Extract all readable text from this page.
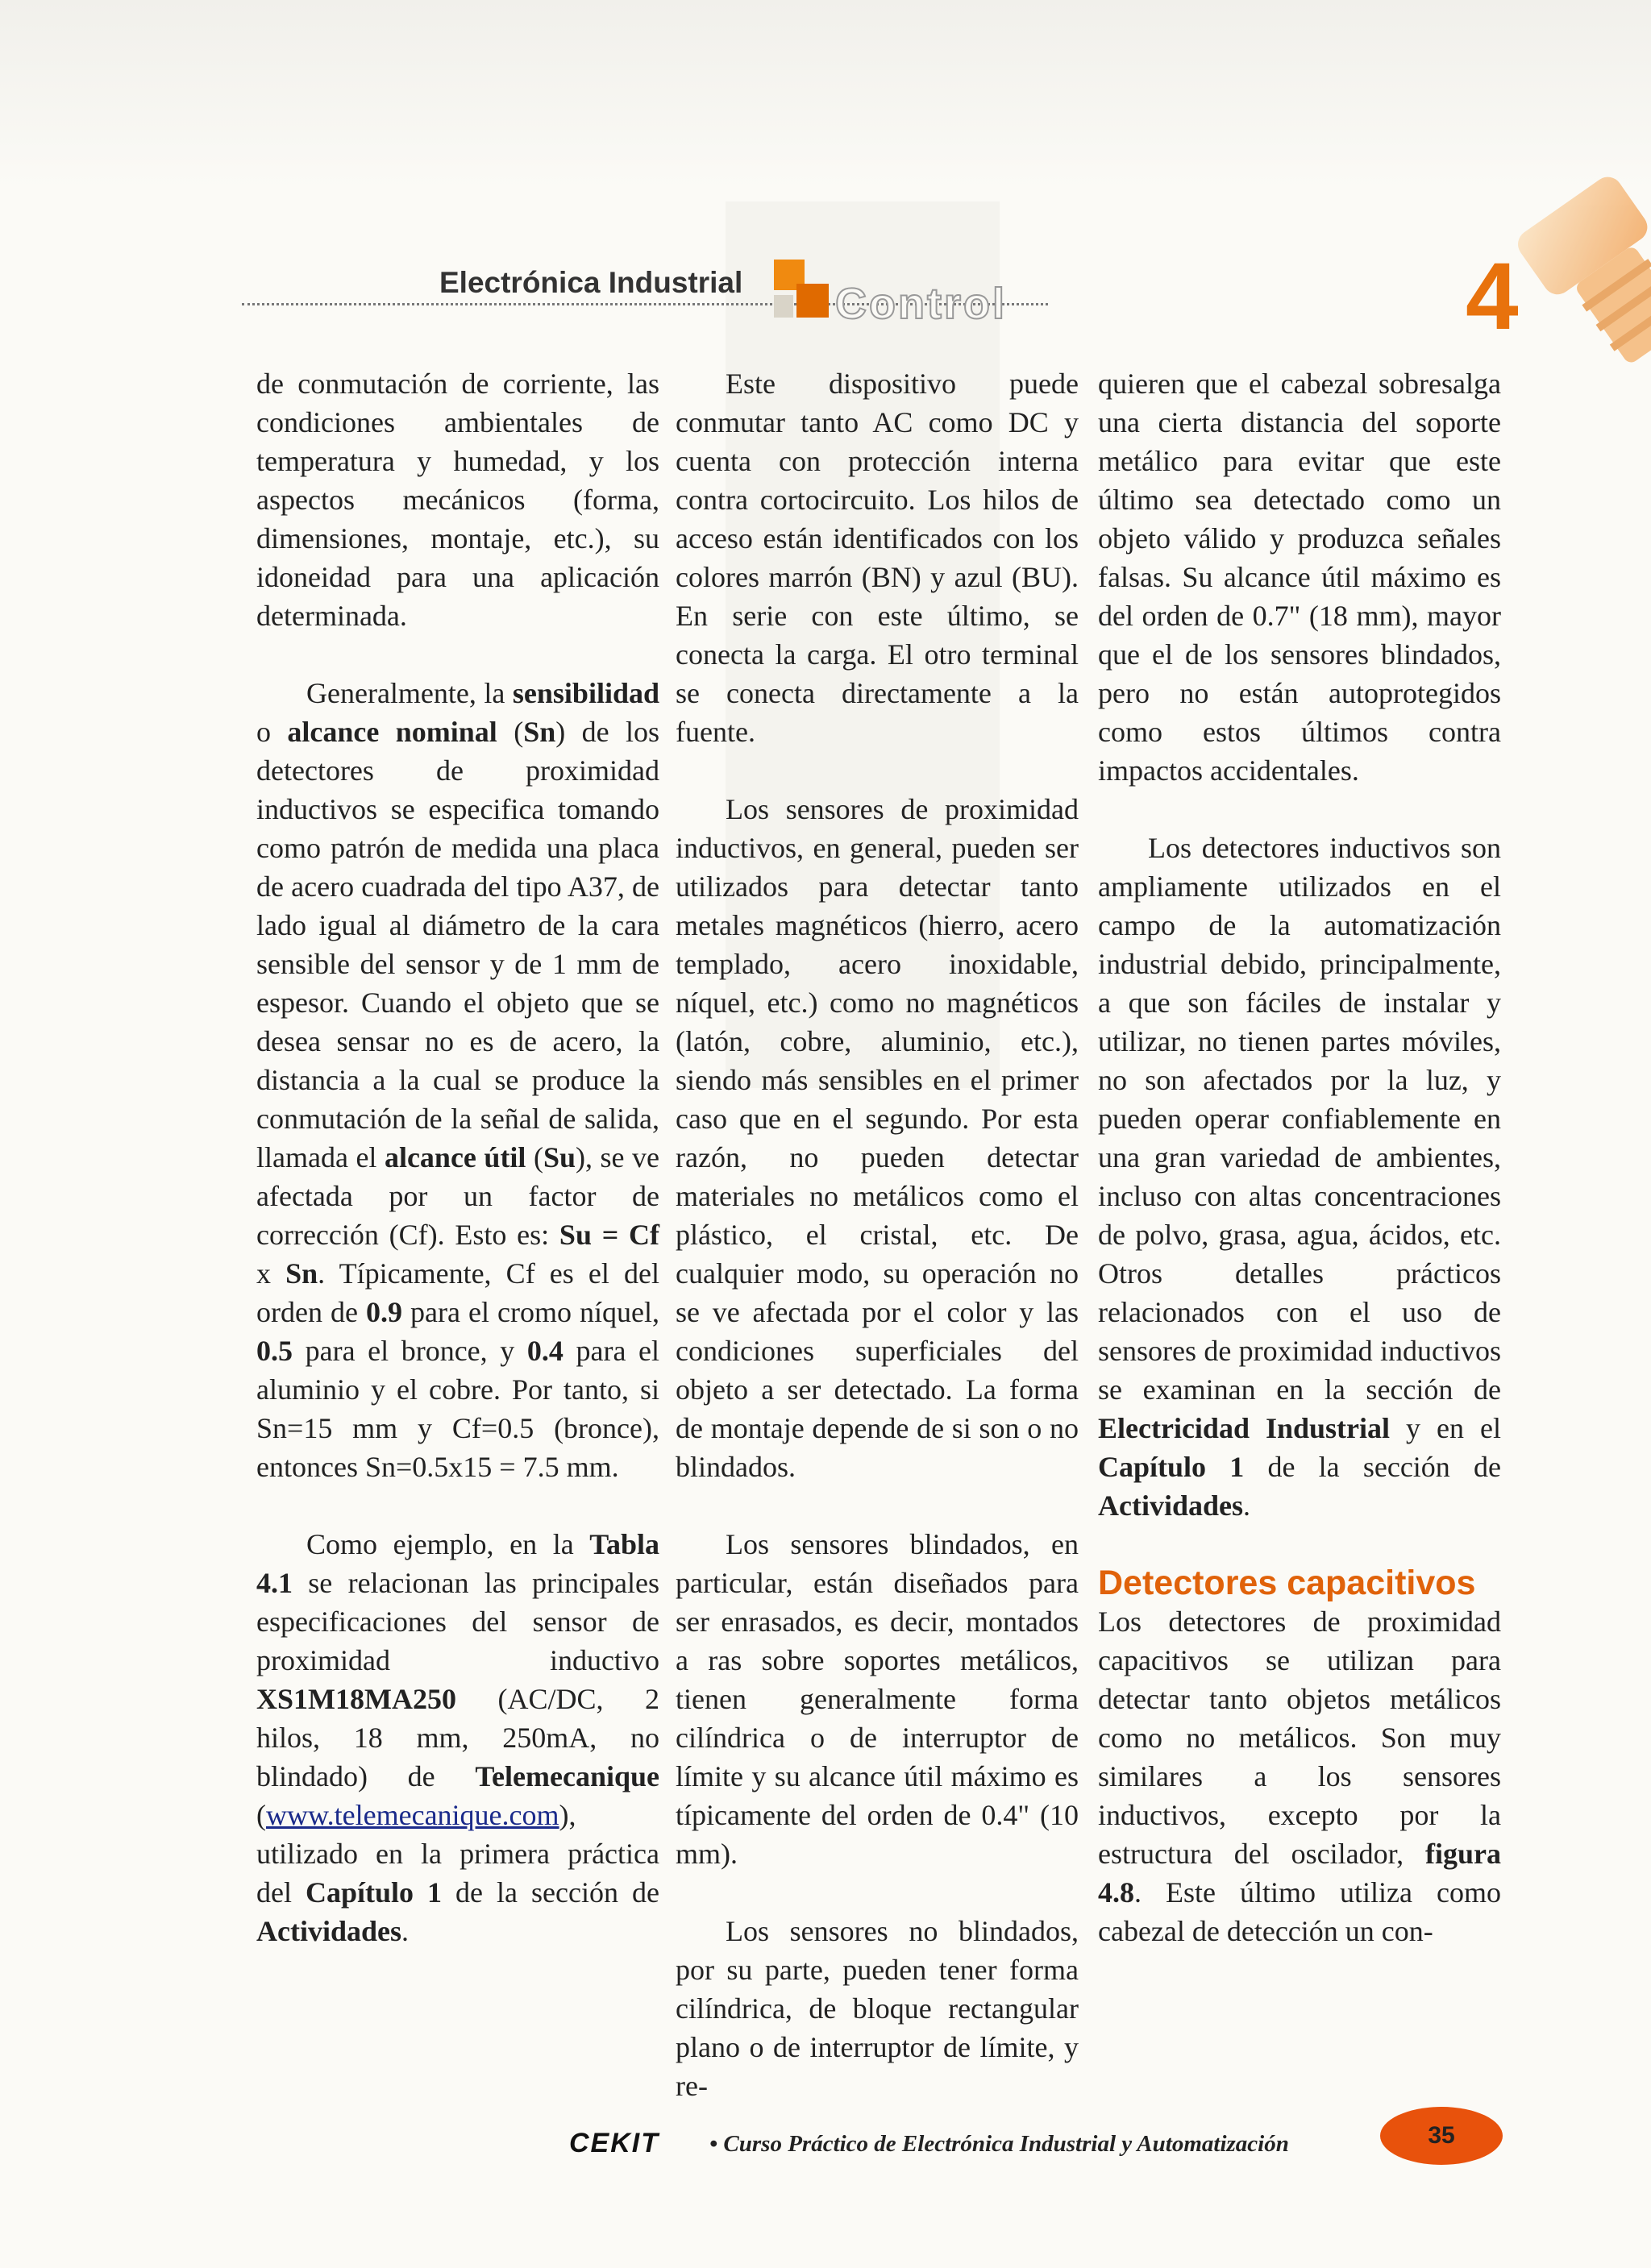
Electrónica Industrial Control	4

de conmutación de corriente, las condiciones ambientales de temperatura y humedad, y los aspectos mecánicos (forma, dimensiones, montaje, etc.), su idoneidad para una aplicación determinada.

Generalmente, la sensibilidad o alcance nominal (Sn) de los detectores de proximidad inductivos se especifica tomando como patrón de medida una placa de acero cuadrada del tipo A37, de lado igual al diámetro de la cara sensible del sensor y de 1 mm de espesor. Cuando el objeto que se desea sensar no es de acero, la distancia a la cual se produce la conmutación de la señal de salida, llamada el alcance útil (Su), se ve afectada por un factor de corrección (Cf). Esto es: Su = Cf x Sn. Típicamente, Cf es el del orden de 0.9 para el cromo níquel, 0.5 para el bronce, y 0.4 para el aluminio y el cobre. Por tanto, si Sn=15 mm y Cf=0.5 (bronce), entonces Sn=0.5x15 = 7.5 mm.

Como ejemplo, en la Tabla 4.1 se relacionan las principales especificaciones del sensor de proximidad inductivo XS1M18MA250 (AC/DC, 2 hilos, 18 mm, 250mA, no blindado) de Telemecanique (www.telemecanique.com), utilizado en la primera práctica del Capítulo 1 de la sección de Actividades.

Este dispositivo puede conmutar tanto AC como DC y cuenta con protección interna contra cortocircuito. Los hilos de acceso están identificados con los colores marrón (BN) y azul (BU). En serie con este último, se conecta la carga. El otro terminal se conecta directamente a la fuente.

Los sensores de proximidad inductivos, en general, pueden ser utilizados para detectar tanto metales magnéticos (hierro, acero templado, acero inoxidable, níquel, etc.) como no magnéticos (latón, cobre, aluminio, etc.), siendo más sensibles en el primer caso que en el segundo. Por esta razón, no pueden detectar materiales no metálicos como el plástico, el cristal, etc. De cualquier modo, su operación no se ve afectada por el color y las condiciones superficiales del objeto a ser detectado. La forma de montaje depende de si son o no blindados.

Los sensores blindados, en particular, están diseñados para ser enrasados, es decir, montados a ras sobre soportes metálicos, tienen generalmente forma cilíndrica o de interruptor de límite y su alcance útil máximo es típicamente del orden de 0.4" (10 mm).

Los sensores no blindados, por su parte, pueden tener forma cilíndrica, de bloque rectangular plano o de interruptor de límite, y re-

quieren que el cabezal sobresalga una cierta distancia del soporte metálico para evitar que este último sea detectado como un objeto válido y produzca señales falsas. Su alcance útil máximo es del orden de 0.7" (18 mm), mayor que el de los sensores blindados, pero no están autoprotegidos como estos últimos contra impactos accidentales.

Los detectores inductivos son ampliamente utilizados en el campo de la automatización industrial debido, principalmente, a que son fáciles de instalar y utilizar, no tienen partes móviles, no son afectados por la luz, y pueden operar confiablemente en una gran variedad de ambientes, incluso con altas concentraciones de polvo, grasa, agua, ácidos, etc. Otros detalles prácticos relacionados con el uso de sensores de proximidad inductivos se examinan en la sección de Electricidad Industrial y en el Capítulo 1 de la sección de Actividades.

Detectores capacitivos

Los detectores de proximidad capacitivos se utilizan para detectar tanto objetos metálicos como no metálicos. Son muy similares a los sensores inductivos, excepto por la estructura del oscilador, figura 4.8. Este último utiliza como cabezal de detección un con-

CEKIT • Curso Práctico de Electrónica Industrial y Automatización	35
